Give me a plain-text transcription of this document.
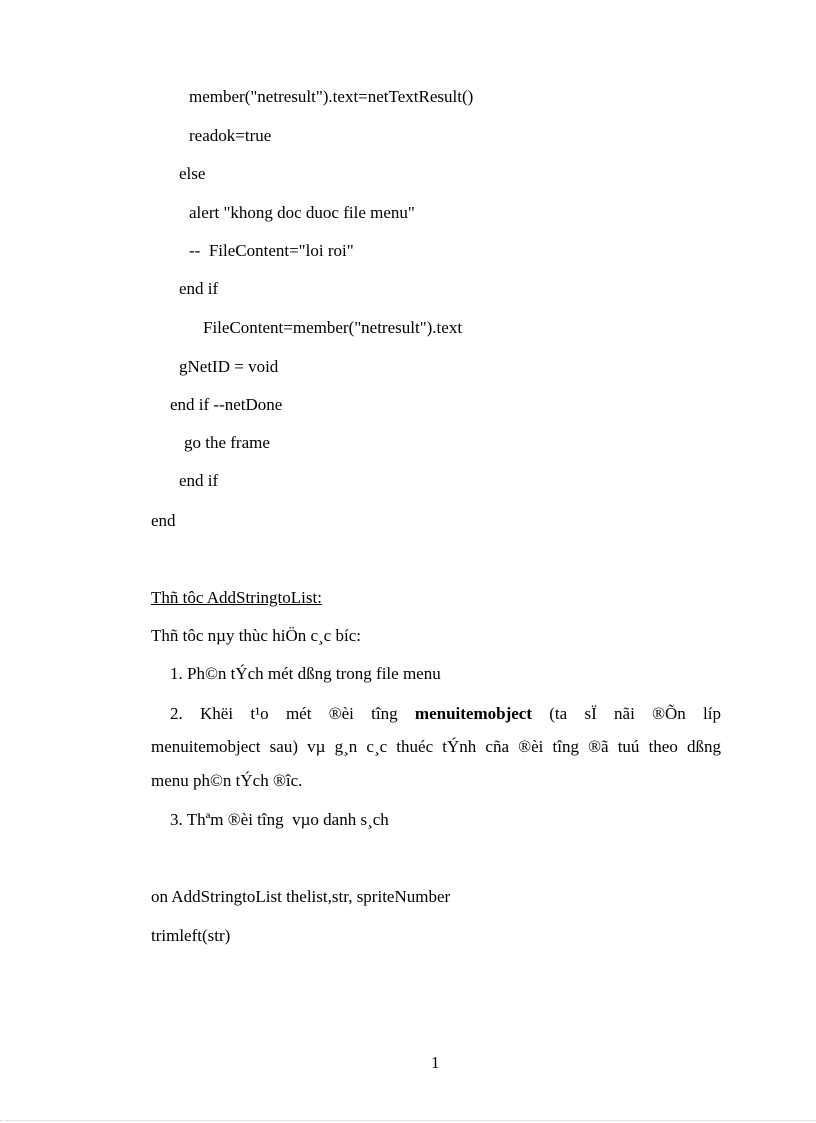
member("netresult").text=netTextResult()
readok=true
else
alert "khong doc duoc file menu"
--  FileContent="loi roi"
end if
FileContent=member("netresult").text
gNetID = void
end if --netDone
go the frame
end if
end
Thñ tôc AddStringtoList:
Thñ tôc nµy thùc hiÖn c¸c bíc:
1. Ph©n tÝch mét dßng trong file menu
2. Khëi t¹o mét ®èi tîng menuitemobject (ta sÏ nãi ®Õn líp
menuitemobject sau) vµ g¸n c¸c thuéc tÝnh cña ®èi tîng ®ã tuú theo dßng
menu ph©n tÝch ®îc.
3. Thªm ®èi tîng  vµo danh s¸ch
on AddStringtoList thelist,str, spriteNumber
trimleft(str)
1
